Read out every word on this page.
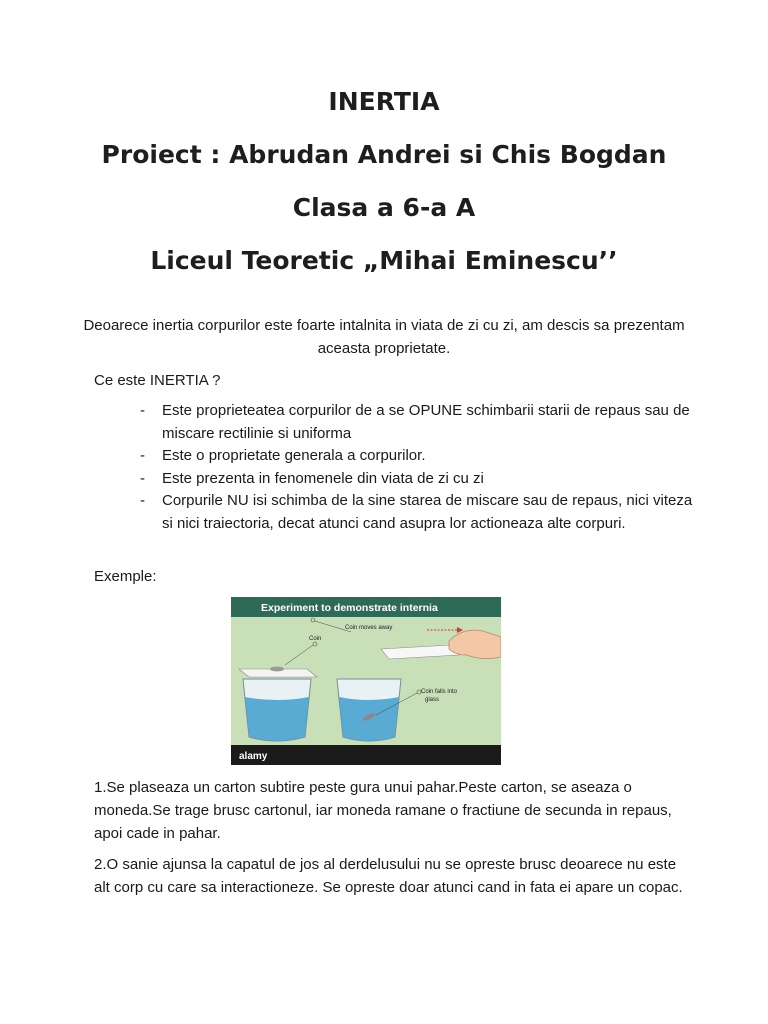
INERTIA
Proiect : Abrudan Andrei si Chis Bogdan
Clasa a 6-a A
Liceul Teoretic „Mihai Eminescu’’
Deoarece inertia corpurilor este foarte intalnita in viata de zi cu zi, am descis sa prezentam aceasta proprietate.
Ce este INERTIA ?
- Este proprieteatea corpurilor de a se OPUNE schimbarii starii de repaus sau de miscare rectilinie si uniforma
- Este o proprietate generala a corpurilor.
- Este prezenta in fenomenele din viata de zi cu zi
- Corpurile NU isi schimba de la sine starea de miscare sau de repaus, nici viteza si nici traiectoria, decat atunci cand asupra lor actioneaza alte corpuri.
Exemple:
Experiment to demonstrate internia
Coin
Coin falls into
glass
Coin moves away
alamy

1.Se plaseaza un carton subtire peste gura unui pahar.Peste carton, se aseaza o moneda.Se trage brusc cartonul, iar moneda ramane o fractiune de secunda in repaus, apoi cade in pahar.

2.O sanie ajunsa la capatul de jos al derdelusului nu se opreste brusc deoarece nu este alt corp cu care sa interactioneze. Se opreste doar atunci cand in fata ei apare un copac.
